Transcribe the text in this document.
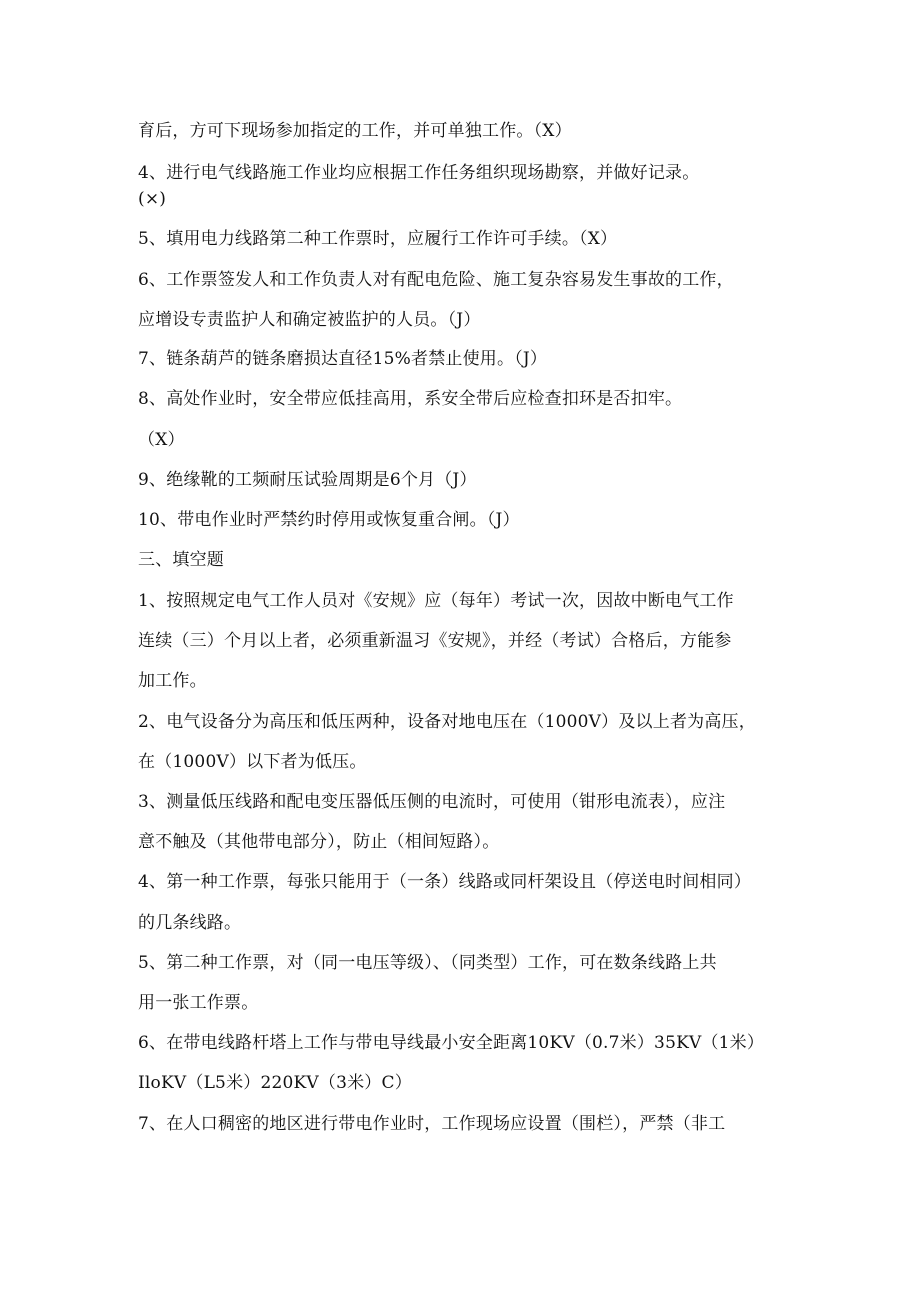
育后，方可下现场参加指定的工作，并可单独工作。（X）
4、进行电气线路施工作业均应根据工作任务组织现场勘察，并做好记录。
(×)
5、填用电力线路第二种工作票时，应履行工作许可手续。（X）
6、工作票签发人和工作负责人对有配电危险、施工复杂容易发生事故的工作，
应增设专责监护人和确定被监护的人员。（J）
7、链条葫芦的链条磨损达直径15%者禁止使用。（J）
8、高处作业时，安全带应低挂高用，系安全带后应检查扣环是否扣牢。
（X）
9、绝缘靴的工频耐压试验周期是6个月（J）
10、带电作业时严禁约时停用或恢复重合闸。（J）
三、填空题
1、按照规定电气工作人员对《安规》应（每年）考试一次，因故中断电气工作
连续（三）个月以上者，必须重新温习《安规》，并经（考试）合格后，方能参
加工作。
2、电气设备分为高压和低压两种，设备对地电压在（1000V）及以上者为高压，
在（1000V）以下者为低压。
3、测量低压线路和配电变压器低压侧的电流时，可使用（钳形电流表），应注
意不触及（其他带电部分），防止（相间短路）。
4、第一种工作票，每张只能用于（一条）线路或同杆架设且（停送电时间相同）
的几条线路。
5、第二种工作票，对（同一电压等级）、（同类型）工作，可在数条线路上共
用一张工作票。
6、在带电线路杆塔上工作与带电导线最小安全距离10KV（0.7米）35KV（1米）
IloKV（L5米）220KV（3米）C）
7、在人口稠密的地区进行带电作业时，工作现场应设置（围栏），严禁（非工
